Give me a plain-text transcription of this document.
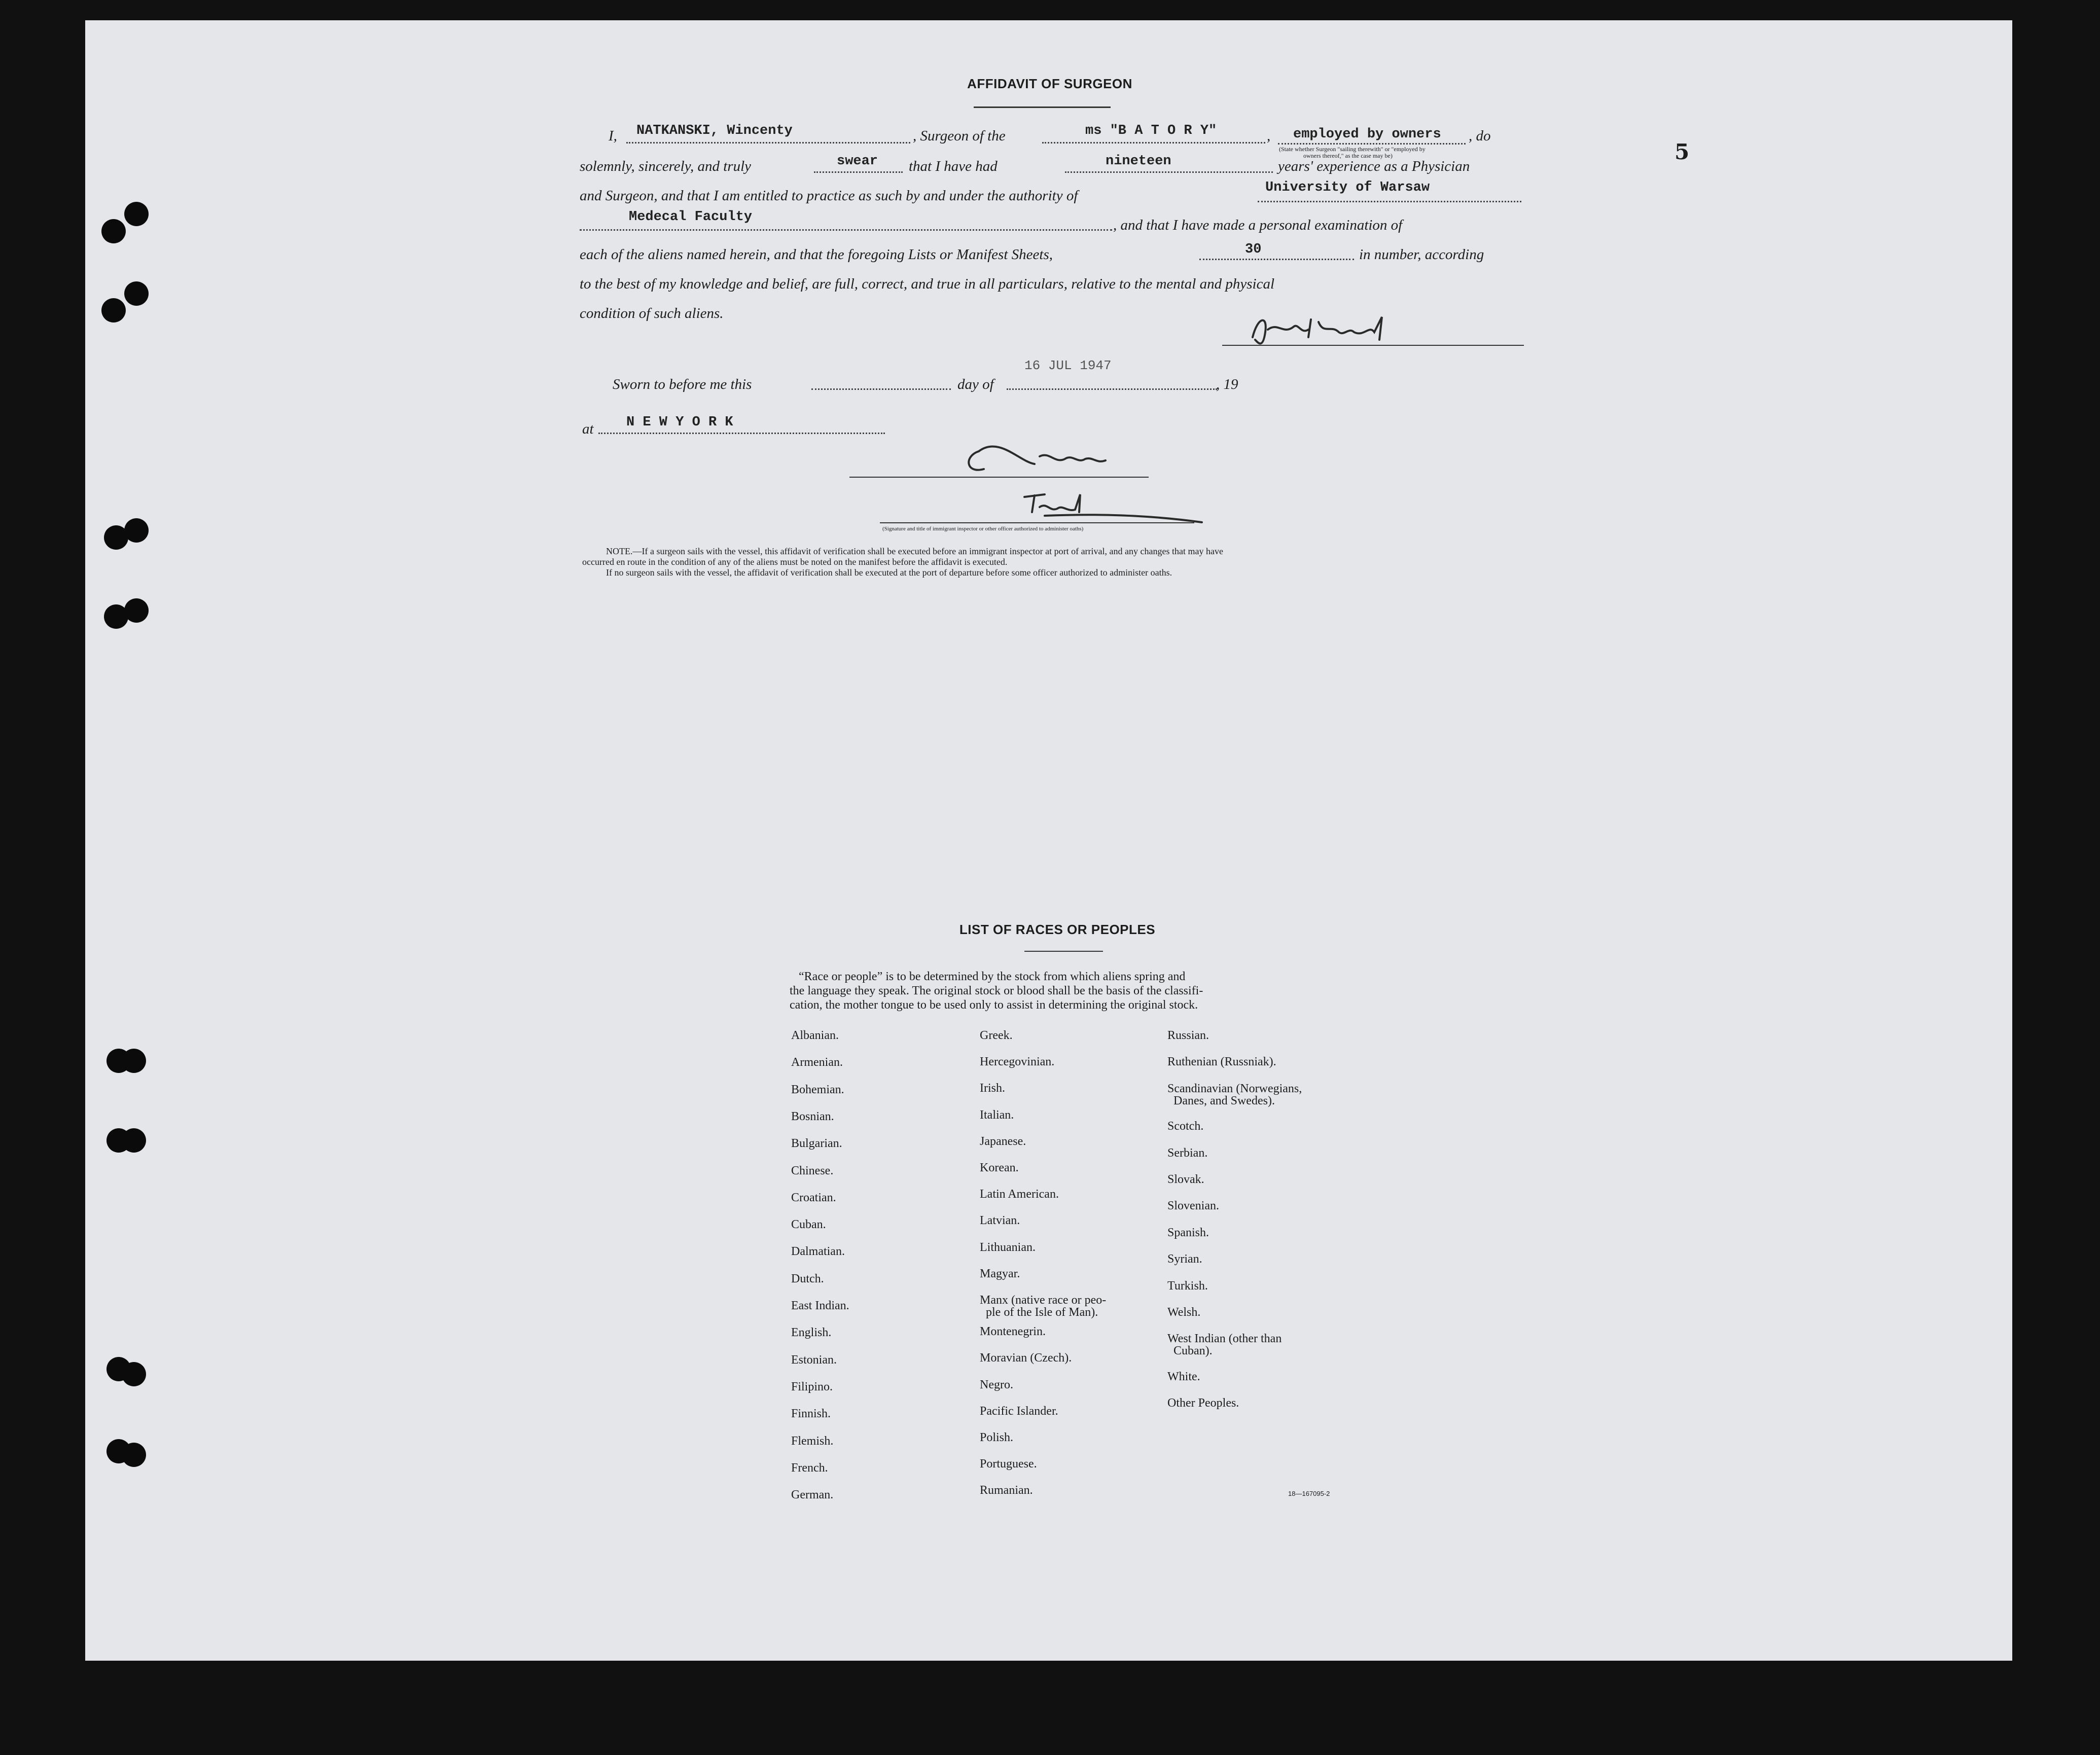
5
AFFIDAVIT OF SURGEON
I, NATKANSKI, Wincenty	, Surgeon of the	ms "B A T O R Y"	, employed by owners
(State whether Surgeon "sailing therewith" or "employed by
owners thereof," as the case may be)
, do
solemnly, sincerely, and truly	swear that I have had	nineteen	years' experience as a Physician
and Surgeon, and that I am entitled to practice as such by and under the authority of	University of Warsaw
Medecal Faculty	, and that I have made a personal examination of
each of the aliens named herein, and that the foregoing Lists or Manifest Sheets,	30	in number, according
to the best of my knowledge and belief, are full, correct, and true in all particulars, relative to the mental and physical
condition of such aliens.
Sworn to before me this	day of
16 JUL 1947
, 19
at N E W Y O R K
(Signature and title of immigrant inspector or other officer authorized to administer oaths)
NOTE.—If a surgeon sails with the vessel, this affidavit of verification shall be executed before an immigrant inspector at port of arrival, and any changes that may have
occurred en route in the condition of any of the aliens must be noted on the manifest before the affidavit is executed.
If no surgeon sails with the vessel, the affidavit of verification shall be executed at the port of departure before some officer authorized to administer oaths.
LIST OF RACES OR PEOPLES
“Race or people” is to be determined by the stock from which aliens spring and
the language they speak. The original stock or blood shall be the basis of the classifi-
cation, the mother tongue to be used only to assist in determining the original stock.
Albanian.
Armenian.
Bohemian.
Bosnian.
Bulgarian.
Chinese.
Croatian.
Cuban.
Dalmatian.
Dutch.
East Indian.
English.
Estonian.
Filipino.
Finnish.
Flemish.
French.
German.
Greek.
Hercegovinian.
Irish.
Italian.
Japanese.
Korean.
Latin American.
Latvian.
Lithuanian.
Magyar.
Manx (native race or peo-
ple of the Isle of Man).
Montenegrin.
Moravian (Czech).
Negro.
Pacific Islander.
Polish.
Portuguese.
Rumanian.
Russian.
Ruthenian (Russniak).
Scandinavian (Norwegians,
Danes, and Swedes).
Scotch.
Serbian.
Slovak.
Slovenian.
Spanish.
Syrian.
Turkish.
Welsh.
West Indian (other than
Cuban).
White.
Other Peoples.
18—167095-2
